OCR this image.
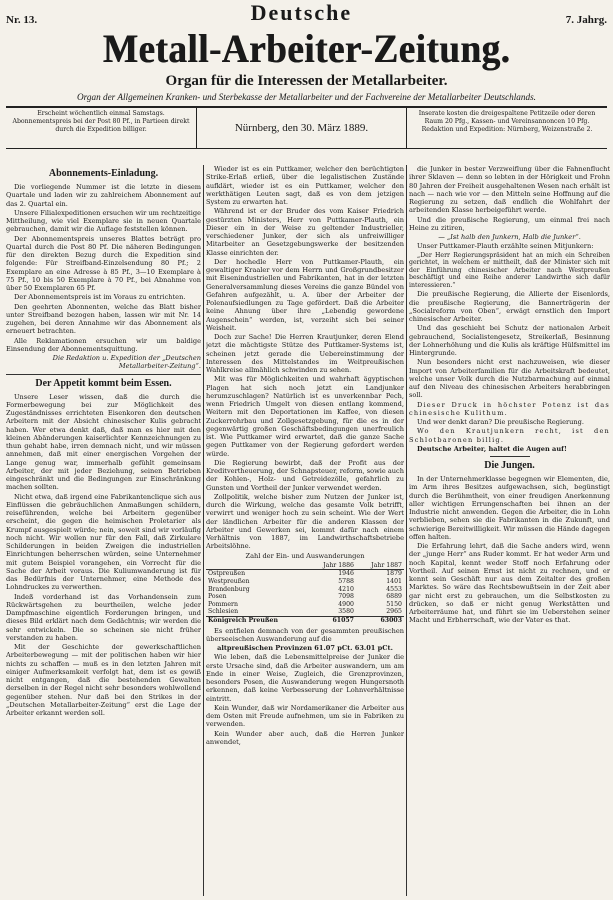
Nr. 13.	Deutsche	7. Jahrg.
Metall-Arbeiter-Zeitung.
Organ für die Interessen der Metallarbeiter.
Organ der Allgemeinen Kranken- und Sterbekasse der Metallarbeiter und der Fachvereine der Metallarbeiter Deutschlands.
Erscheint wöchentlich einmal Samstags. Abonnementspreis bei der Post 80 Pf., in Partieen direkt durch die Expedition billiger.	Nürnberg, den 30. März 1889.
Inserate kosten die dreigespaltene Petitzeile oder deren Raum 20 Pfg., Kassen- und Vereinsannoncen 10 Pfg. Redaktion und Expedition: Nürnberg, Weizenstraße 2.
Abonnements-Einladung.

Die vorliegende Nummer ist die letzte in diesem Quartale und laden wir zu zahlreichem Abonnement auf das 2. Quartal ein.

Unsere Filialexpeditionen ersuchen wir um rechtzeitige Mittheilung, wie viel Exemplare sie in neuen Quartale gebrauchen, damit wir die Auflage feststellen können.

Der Abonnementspreis unseres Blattes beträgt pro Quartal durch die Post 80 Pf. Die näheren Bedingungen für den direkten Bezug durch die Expedition sind folgende: Für Streifband-Einzelsendung 80 Pf.; 2 Exemplare an eine Adresse à 85 Pf., 3—10 Exemplare à 75 Pf., 10 bis 50 Exemplare à 70 Pf., bei Abnahme von über 50 Exemplaren 65 Pf.

Der Abonnementspreis ist im Voraus zu entrichten.

Den geehrten Abonnenten, welche das Blatt bisher unter Streifband bezogen haben, lassen wir mit Nr. 14 zugehen, bei deren Annahme wir das Abonnement als erneuert betrachten.

Alle Reklamationen ersuchen wir um baldige Einsendung der Abonnementsquittung.

Die Redaktion u. Expedition der „Deutschen Metallarbeiter-Zeitung“.
Der Appetit kommt beim Essen.

Unsere Leser wissen, daß die durch die Formerbewegung bei zur Möglichkeit des Zugeständnisses errichteten Eisenkoren den deutschen Arbeitern mit der Absicht chinesischer Kulis gebracht haben. Wer etwa denkt daß, daß man es hier mit den kleinen Abänderungen kaiserlichter Kennzeichnungen zu thun gehabt habe, irren demnach nicht, und wir müssen annehmen, daß mit einer energischen Vorgehen der Lange genug war, immerhalb gefühlt gemeinsam Arbeiter, der mit jeder Beziehung, seinen Betrieben eingeschränkt und die Bedingungen zur Einschränkung machen sollten.

Nicht etwa, daß irgend eine Fabrikantenclique sich aus Einflüssen die gebräuchlichen Anmaßungen schildern, reiseführenden, welche bei Arbeitern gegenüber erscheint, die gegen die heimischen Proletarier als Krumpf ausgespielt würde; nein, soweit sind wir vorläufig noch nicht. Wir wollen nur für den Fall, daß Zirkulare Schilderungen in beiden Zweigen die industriellen Einrichtungen beherrschen würden, seine Unternehmer mit gutem Beispiel vorangehen, ein Vorrecht für die Sache der Arbeit voraus. Die Kuliumwanderung ist für das Bedürfnis der Unternehmer, eine Methode des Lohndruckes zu verwerthen.

Indeß vorderhand ist das Vorhandensein zum Rückwärtsgehen zu beurtheilen, welche jeder Dampfmaschine eigentlich Forderungen bringen, und dieses Bild erklärt nach dem Gedächtnis; wir werden die sehr entwickeln. Die so scheinen sie nicht früher verstanden zu haben.

Mit der Geschichte der gewerkschaftlichen Arbeiterbewegung — mit der politischen haben wir hier nichts zu schaffen — muß es in den letzten Jahren mit einiger Aufmerksamkeit verfolgt hat, dem ist es gewiß nicht entgangen, daß die bestehenden Gewalten derselben in der Regel nicht sehr besonders wohlwollend gegenüber stehen. Nur daß bei den Strikes in der „Deutschen Metallarbeiter-Zeitung“ erst die Lage der Arbeiter erkannt werden soll.

Wieder ist es ein Puttkamer, welcher den berüchtigten Strike-Erlaß erließ, über die legalistischen Zustände aufklärt, wieder ist es ein Puttkamer, welcher den werkthätigen Leuten sagt, daß es von dem jetzigen System zu erwarten hat.

Während ist er der Bruder des vom Kaiser Friedrich gestürzten Ministers, Herr von Puttkamer-Plauth, ein Dieser ein in der Weise zu geltender Industrieller, verschiedener Junker, der sich als unfreiwilliger Mitarbeiter an Gesetzgebungswerke der besitzenden Klasse einrichten der.

Der hochedle Herr von Puttkamer-Plauth, ein gewaltiger Kraaler vor dem Herrn und Großgrundbesitzer mit Eisenindustriellen und Fabrikanten, hat in der letzten Generalversammlung dieses Vereins die ganze Bündel von Gefahren aufgezählt, u. A. über der Arbeiter der Polenaufsiedlungen zu Tage gefördert. Daß die Arbeiter keine Ahnung über ihre „Lebendig gewordene Augenschein“ werden, ist, verzeiht sich bei seiner Weisheit.

Doch zur Sache! Die Herren Krautjunker, deren Elend jetzt die mächtigste Stütze des Puttkamer-Systems ist, scheinen jetzt gerade die Uebereinstimmung der Interessen des Mittelstandes im Weitpreußischen Wahlkreise allmählich schwinden zu sehen.

Mit was für Möglichkeiten und wahrhaft ägyptischen Plagen hat sich noch jetzt ein Landjunker herumzuschlagen? Natürlich ist es unverkennbar Pech, wenn Friedrich Umgelt von diesen entlang kommend, Weitern mit den Deportationen im Kaffee, von diesen Zuckerrohrbau und Zollgesetzgebung, für die es in der gegenwärtig großen Geschäftsbedingungen unerfreulich ist. Wie Puttkamer wird erwartet, daß die ganze Sache gegen Puttkamer von der Regierung gefordert werden würde.

Die Regierung bewirbt, daß der Profit aus der Kreditvertheuerung, der Schnapsteuer, reform, sowie auch der Kohlen-, Holz- und Getreidezölle, gefahrlich zu Gunsten und Vortheil der Junker verwendet werden.

Zollpolitik, welche bisher zum Nutzen der Junker ist, durch die Wirkung, welche das gesamte Volk betrifft, verwirrt und weniger hoch zu sein scheint. Wie der Wert der ländlichen Arbeiter für die anderen Klassen der Arbeiter und Gewerken sei, kommt dafür nach einem Verhältnis von 1887, im Landwirthschaftsbetriebe Arbeitslöhne.

Zahl der Ein- und Auswanderungen
	Jahr 1886	Jahr 1887
Ostpreußen	1946	1879
Westpreußen	5788	1401
Brandenburg	4210	4553
Posen	7098	6889
Pommern	4900	5150
Schlesien	3580	2965
Königreich Preußen	61057	63003

Es entfielen demnach von der gesammten preußischen überseeischen Auswanderung auf die

altpreußischen Provinzen 61.07 pCt. 63.01 pCt.

Wie leben, daß die Lebensmittelpreise der Junker die erste Ursache sind, daß die Arbeiter auswandern, um am Ende in einer Weise, Zugleich, die Grenzprovinzen, besonders Posen, die Auswanderung wegen Hungersnoth erkennen, daß keine Verbesserung der Lohnverhältnisse eintritt.

Kein Wunder, daß wir Nordamerikaner die Arbeiter aus dem Osten mit Freude aufnehmen, um sie in Fabriken zu verwenden.

Kein Wunder aber auch, daß die Herren Junker anwendet,

die Junker in bester Verzweiflung über die Fahnenflucht ihrer Sklaven — denn so lebten in der Hörigkeit und Frohn 80 Jahren der Freiheit ausgehaltenen Wesen nach erhält ist nach — nach wie vor — den Mitteln seine Hoffnung auf die Regierung zu setzen, daß endlich die Wohlfahrt der arbeitenden Klasse herbeigeführt werde.

Und die preußische Regierung, um einmal frei nach Heine zu zitiren,

— „Ist halb den Junkern, Halb die Junker“.

Unser Puttkamer-Plauth erzählte seinen Mitjunkern:

„Der Herr Regierungspräsident hat an mich ein Schreiben gerichtet, in welchem er mittheilt, daß der Minister sich mit der Einführung chinesischer Arbeiter nach Westpreußen beschäftigt und eine Reihe anderer Landwirthe sich dafür interessieren.“

Die preußische Regierung, die Allierte der Eisenlords, die preußische Regierung, die Bannerträgerin der „Socialreform von Oben“, erwägt ernstlich den Import chinesischer Arbeiter.

Und das geschieht bei Schutz der nationalen Arbeit gebrauchend, Socialistengesetz, Streikerlaß, Besinnung der Lohnerhöhung und die Kulis als kräftige Hülfsmittel im Hintergrunde.

Nun besonders nicht erst nachzuweisen, wie dieser Import von Arbeiterfamilien für die Arbeitskraft bedeutet, welche unser Volk durch die Nutzbarmachung auf einmal auf den Niveau des chinesischen Arbeiters herabbringen soll.

Dieser Druck in höchster Potenz ist das chinesische Kulithum.

Und wer denkt daran? Die preußische Regierung.

Wo den Krautjunkern recht, ist den Schlotbaronen billig.

Deutsche Arbeiter, haltet die Augen auf!

Die Jungen.

In der Unternehmerklasse begegnen wir Elementen, die, im Arm ihres Besitzes aufgewachsen, sich, begünstigt durch die Berühmtheit, von einer freudigen Anerkennung aller wichtigen Errungenschaften bei ihnen an der Industrie nicht anwenden. Gegen die Arbeiter, die in Lohn verblieben, sehen sie die Fabrikanten in die Zukunft, und schwierige Bereitwilligkeit. Wir müssen die Hände dagegen offen halten.

Die Erfahrung lehrt, daß die Sache anders wird, wenn der „junge Herr“ ans Ruder kommt. Er hat weder Arm und noch Kapital, kennt weder Stoff noch Erfahrung oder Vortheil. Auf seinen Ernst ist nicht zu rechnen, und er kennt sein Geschäft nur aus dem Zeitalter des großen Marktes. So wäre das Rechtsbewußtsein in der Zeit aber gar nicht erst zu gebrauchen, um die Selbstkosten zu drücken, so daß er nicht genug Werkstätten und Arbeiterräume hat, und führt sie im Ueberstehen seiner Macht und Erbherrschaft, wie der Vater es that.
